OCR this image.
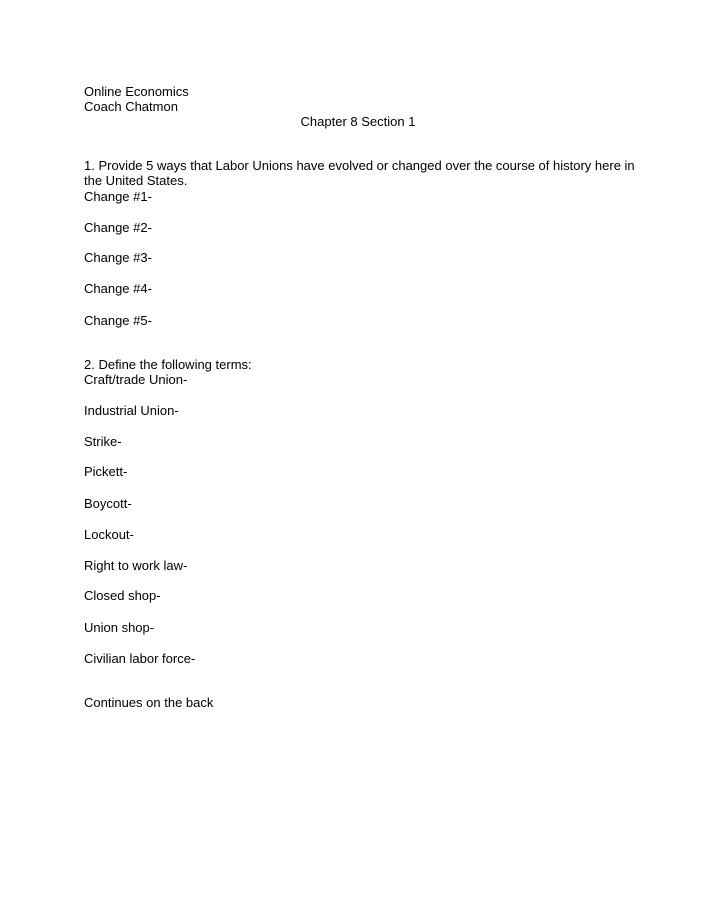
Online Economics
Coach Chatmon
Chapter 8 Section 1
1. Provide 5 ways that Labor Unions have evolved or changed over the course of history here in the United States.
Change #1-
Change #2-
Change #3-
Change #4-
Change #5-
2. Define the following terms:
Craft/trade Union-
Industrial Union-
Strike-
Pickett-
Boycott-
Lockout-
Right to work law-
Closed shop-
Union shop-
Civilian labor force-
Continues on the back
